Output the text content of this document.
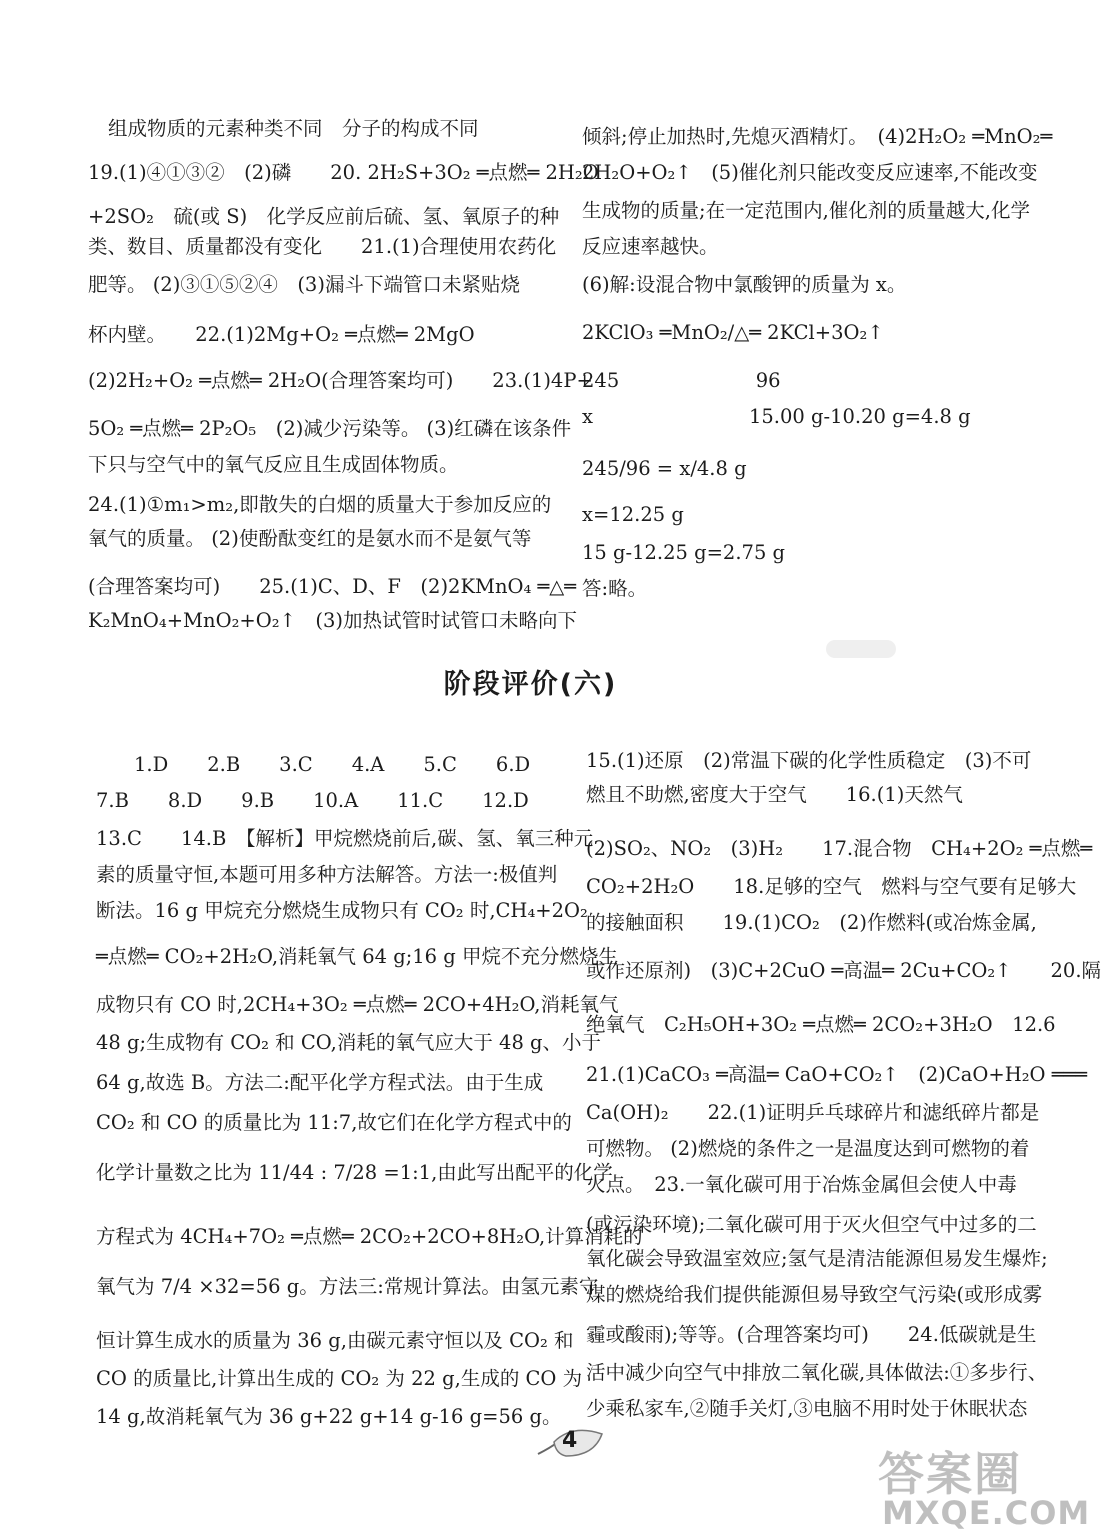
组成物质的元素种类不同　分子的构成不同
19.(1)④①③②　(2)磷　　20. 2H₂S+3O₂ ═点燃═ 2H₂O
+2SO₂　硫(或 S)　化学反应前后硫、氢、氧原子的种
类、数目、质量都没有变化　　21.(1)合理使用农药化
肥等。 (2)③①⑤②④　(3)漏斗下端管口未紧贴烧
杯内壁。　　22.(1)2Mg+O₂ ═点燃═ 2MgO
(2)2H₂+O₂ ═点燃═ 2H₂O(合理答案均可)　　23.(1)4P+
5O₂ ═点燃═ 2P₂O₅　(2)减少污染等。 (3)红磷在该条件
下只与空气中的氧气反应且生成固体物质。
24.(1)①m₁>m₂,即散失的白烟的质量大于参加反应的
氧气的质量。 (2)使酚酞变红的是氨水而不是氨气等
(合理答案均可)　　25.(1)C、D、F　(2)2KMnO₄ ═△═
K₂MnO₄+MnO₂+O₂↑　(3)加热试管时试管口未略向下
倾斜;停止加热时,先熄灭酒精灯。　(4)2H₂O₂ ═MnO₂═
2H₂O+O₂↑　(5)催化剂只能改变反应速率,不能改变
生成物的质量;在一定范围内,催化剂的质量越大,化学
反应速率越快。
(6)解:设混合物中氯酸钾的质量为 x。
2KClO₃ ═MnO₂/△═ 2KCl+3O₂↑
245　　　　　　　96
x　　　　　　　　15.00 g-10.20 g=4.8 g
245/96 = x/4.8 g
x=12.25 g
15 g-12.25 g=2.75 g
答:略。
阶段评价(六)
1.D　　2.B　　3.C　　4.A　　5.C　　6.D
7.B　　8.D　　9.B　　10.A　　11.C　　12.D
13.C　　14.B　【解析】甲烷燃烧前后,碳、氢、氧三种元
素的质量守恒,本题可用多种方法解答。方法一:极值判
断法。16 g 甲烷充分燃烧生成物只有 CO₂ 时,CH₄+2O₂
═点燃═ CO₂+2H₂O,消耗氧气 64 g;16 g 甲烷不充分燃烧生
成物只有 CO 时,2CH₄+3O₂ ═点燃═ 2CO+4H₂O,消耗氧气
48 g;生成物有 CO₂ 和 CO,消耗的氧气应大于 48 g、小于
64 g,故选 B。方法二:配平化学方程式法。由于生成
CO₂ 和 CO 的质量比为 11:7,故它们在化学方程式中的
化学计量数之比为 11/44 : 7/28 =1:1,由此写出配平的化学
方程式为 4CH₄+7O₂ ═点燃═ 2CO₂+2CO+8H₂O,计算消耗的
氧气为 7/4 ×32=56 g。方法三:常规计算法。由氢元素守
恒计算生成水的质量为 36 g,由碳元素守恒以及 CO₂ 和
CO 的质量比,计算出生成的 CO₂ 为 22 g,生成的 CO 为
14 g,故消耗氧气为 36 g+22 g+14 g-16 g=56 g。
15.(1)还原　(2)常温下碳的化学性质稳定　(3)不可
燃且不助燃,密度大于空气　　16.(1)天然气
(2)SO₂、NO₂　(3)H₂　　17.混合物　CH₄+2O₂ ═点燃═
CO₂+2H₂O　　18.足够的空气　燃料与空气要有足够大
的接触面积　　19.(1)CO₂　(2)作燃料(或冶炼金属,
或作还原剂)　(3)C+2CuO ═高温═ 2Cu+CO₂↑　　20.隔
绝氧气　C₂H₅OH+3O₂ ═点燃═ 2CO₂+3H₂O　12.6
21.(1)CaCO₃ ═高温═ CaO+CO₂↑　(2)CaO+H₂O ═══
Ca(OH)₂　　22.(1)证明乒乓球碎片和滤纸碎片都是
可燃物。 (2)燃烧的条件之一是温度达到可燃物的着
火点。　23.一氧化碳可用于冶炼金属但会使人中毒
(或污染环境);二氧化碳可用于灭火但空气中过多的二
氧化碳会导致温室效应;氢气是清洁能源但易发生爆炸;
煤的燃烧给我们提供能源但易导致空气污染(或形成雾
霾或酸雨);等等。(合理答案均可)　　24.低碳就是生
活中减少向空气中排放二氧化碳,具体做法:①多步行、
少乘私家车,②随手关灯,③电脑不用时处于休眠状态
4
答案圈
MXQE.COM
